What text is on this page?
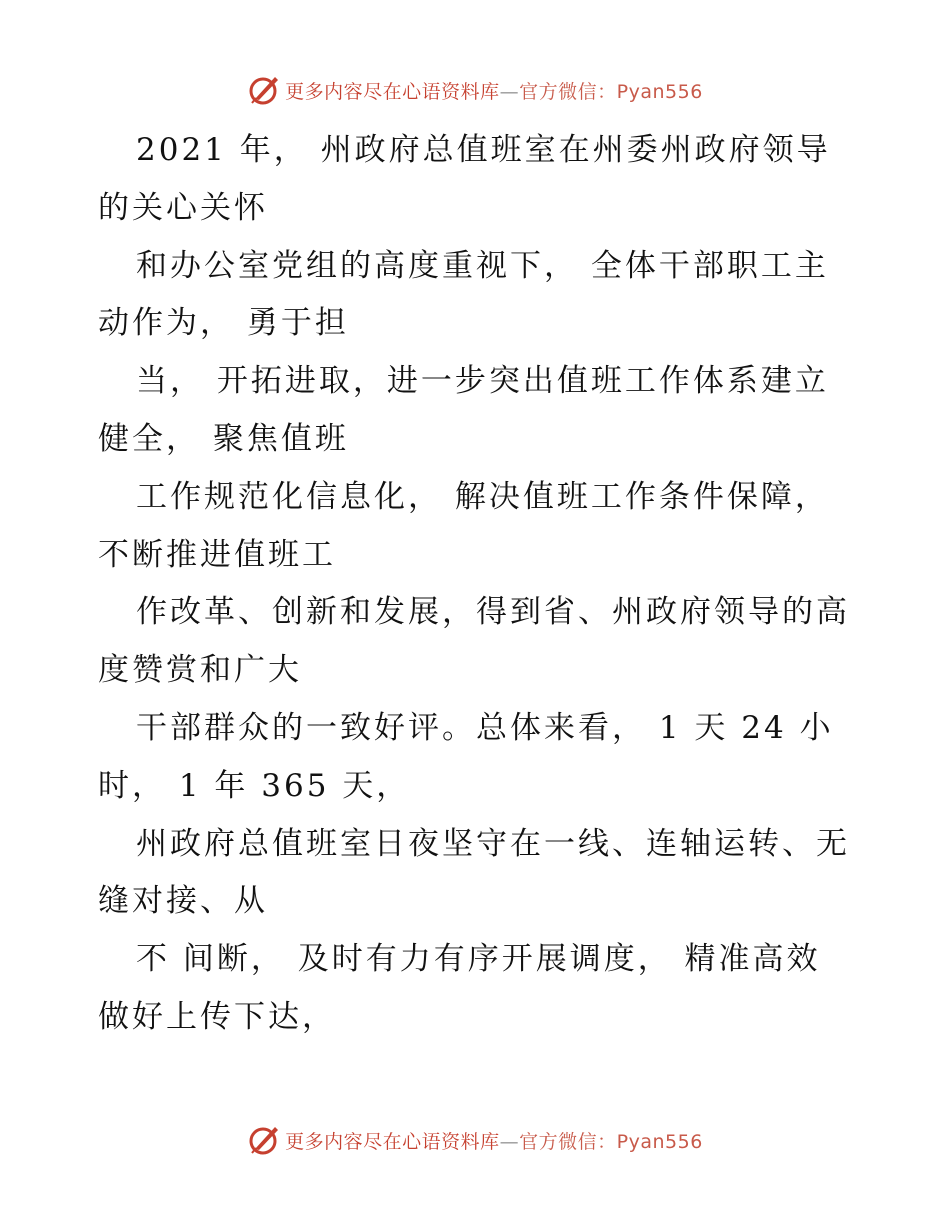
更多内容尽在心语资料库—官方微信：Pyan556

2021 年， 州政府总值班室在州委州政府领导

的关心关怀

和办公室党组的高度重视下， 全体干部职工主

动作为， 勇于担

当， 开拓进取，进一步突出值班工作体系建立

健全， 聚焦值班

工作规范化信息化， 解决值班工作条件保障，

不断推进值班工

作改革、创新和发展，得到省、州政府领导的高

度赞赏和广大

干部群众的一致好评。总体来看， 1 天 24 小

时， 1 年 365 天，

州政府总值班室日夜坚守在一线、连轴运转、无

缝对接、从

不 间断， 及时有力有序开展调度， 精准高效

做好上传下达，

更多内容尽在心语资料库—官方微信：Pyan556
